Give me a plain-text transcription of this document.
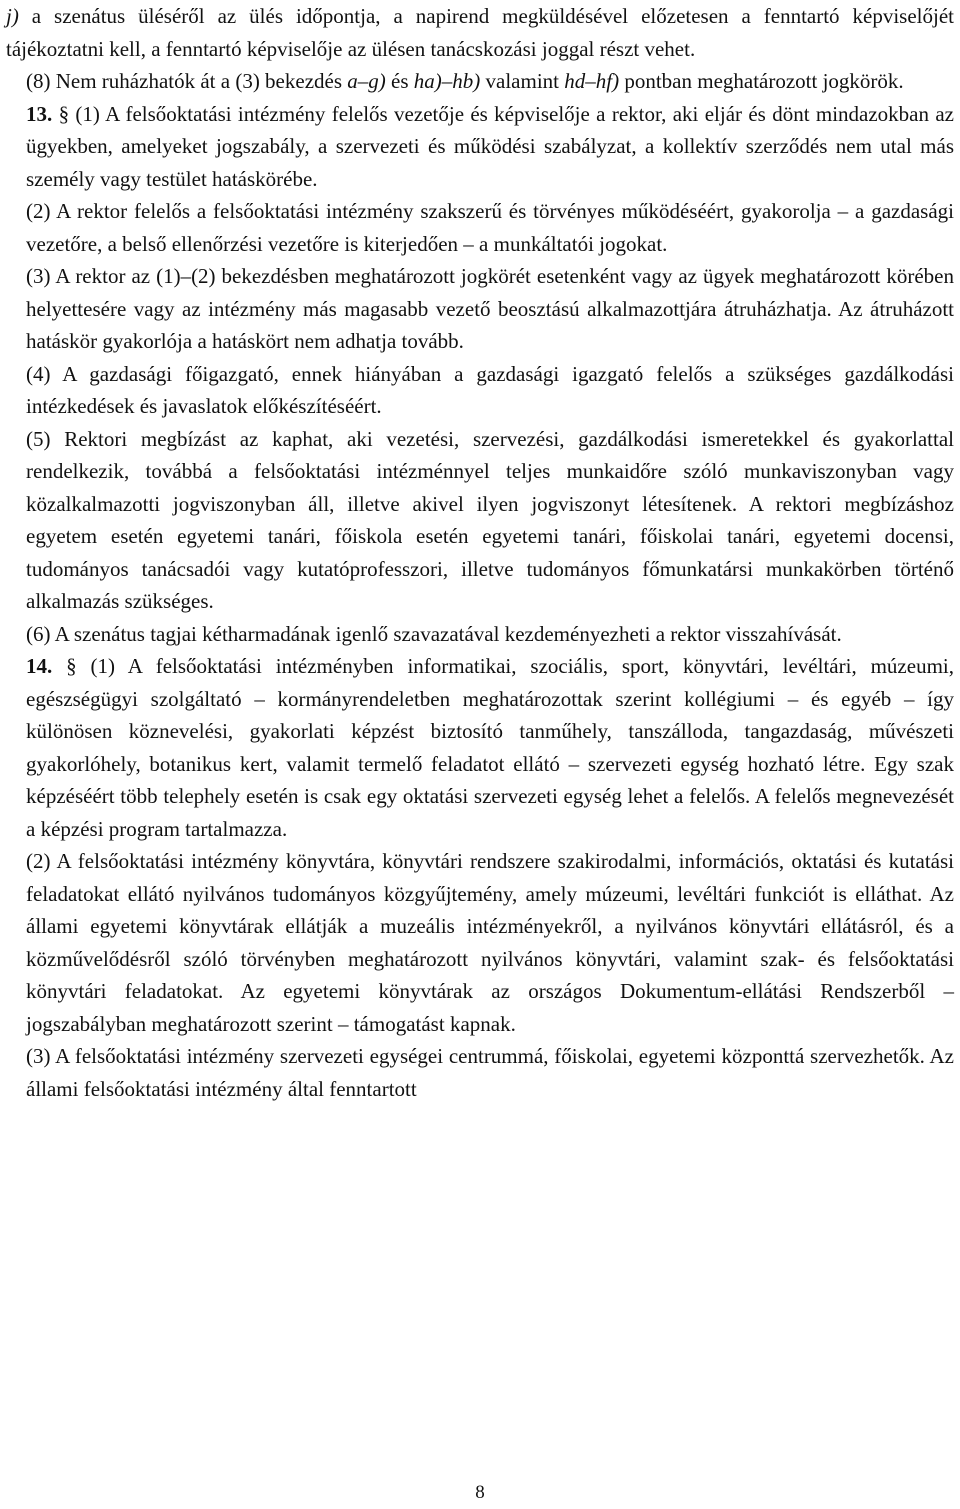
j) a szenátus üléséről az ülés időpontja, a napirend megküldésével előzetesen a fenntartó képviselőjét tájékoztatni kell, a fenntartó képviselője az ülésen tanácskozási joggal részt vehet.

(8) Nem ruházhatók át a (3) bekezdés a–g) és ha)–hb) valamint hd–hf) pontban meghatározott jogkörök.

13. § (1) A felsőoktatási intézmény felelős vezetője és képviselője a rektor, aki eljár és dönt mindazokban az ügyekben, amelyeket jogszabály, a szervezeti és működési szabályzat, a kollektív szerződés nem utal más személy vagy testület hatáskörébe.

(2) A rektor felelős a felsőoktatási intézmény szakszerű és törvényes működéséért, gyakorolja – a gazdasági vezetőre, a belső ellenőrzési vezetőre is kiterjedően – a munkáltatói jogokat.

(3) A rektor az (1)–(2) bekezdésben meghatározott jogkörét esetenként vagy az ügyek meghatározott körében helyettesére vagy az intézmény más magasabb vezető beosztású alkalmazottjára átruházhatja. Az átruházott hatáskör gyakorlója a hatáskört nem adhatja tovább.

(4) A gazdasági főigazgató, ennek hiányában a gazdasági igazgató felelős a szükséges gazdálkodási intézkedések és javaslatok előkészítéséért.

(5) Rektori megbízást az kaphat, aki vezetési, szervezési, gazdálkodási ismeretekkel és gyakorlattal rendelkezik, továbbá a felsőoktatási intézménnyel teljes munkaidőre szóló munkaviszonyban vagy közalkalmazotti jogviszonyban áll, illetve akivel ilyen jogviszonyt létesítenek. A rektori megbízáshoz egyetem esetén egyetemi tanári, főiskola esetén egyetemi tanári, főiskolai tanári, egyetemi docensi, tudományos tanácsadói vagy kutatóprofesszori, illetve tudományos főmunkatársi munkakörben történő alkalmazás szükséges.

(6) A szenátus tagjai kétharmadának igenlő szavazatával kezdeményezheti a rektor visszahívását.

14. § (1) A felsőoktatási intézményben informatikai, szociális, sport, könyvtári, levéltári, múzeumi, egészségügyi szolgáltató – kormányrendeletben meghatározottak szerint kollégiumi – és egyéb – így különösen köznevelési, gyakorlati képzést biztosító tanműhely, tanszálloda, tangazdaság, művészeti gyakorlóhely, botanikus kert, valamit termelő feladatot ellátó – szervezeti egység hozható létre. Egy szak képzéséért több telephely esetén is csak egy oktatási szervezeti egység lehet a felelős. A felelős megnevezését a képzési program tartalmazza.

(2) A felsőoktatási intézmény könyvtára, könyvtári rendszere szakirodalmi, információs, oktatási és kutatási feladatokat ellátó nyilvános tudományos közgyűjtemény, amely múzeumi, levéltári funkciót is elláthat. Az állami egyetemi könyvtárak ellátják a muzeális intézményekről, a nyilvános könyvtári ellátásról, és a közművelődésről szóló törvényben meghatározott nyilvános könyvtári, valamint szak- és felsőoktatási könyvtári feladatokat. Az egyetemi könyvtárak az országos Dokumentum-ellátási Rendszerből – jogszabályban meghatározott szerint – támogatást kapnak.

(3) A felsőoktatási intézmény szervezeti egységei centrummá, főiskolai, egyetemi központtá szervezhetők. Az állami felsőoktatási intézmény által fenntartott

8
